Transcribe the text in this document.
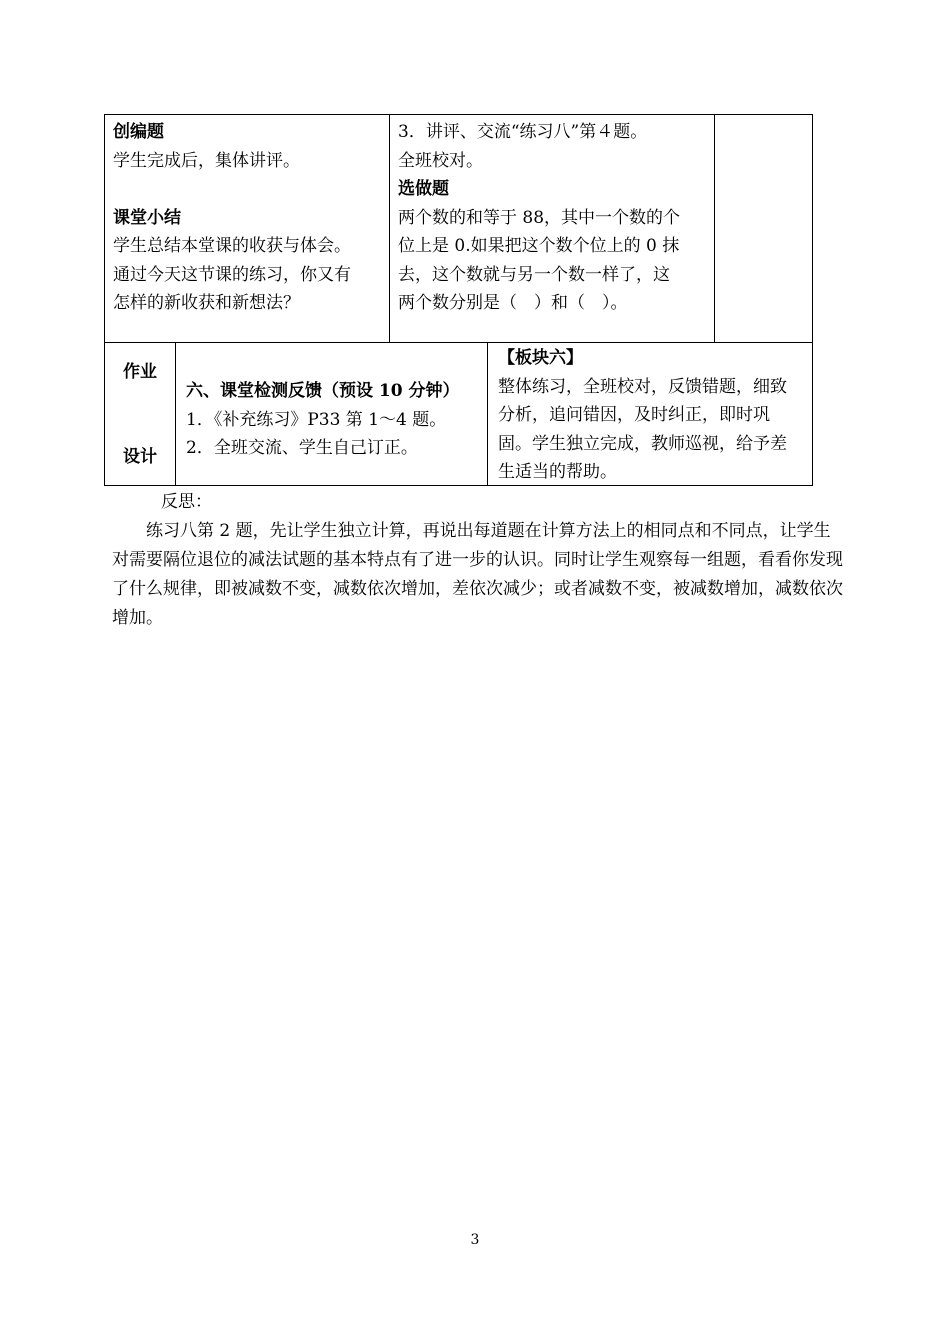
创编题
学生完成后，集体讲评。

课堂小结
学生总结本堂课的收获与体会。
通过今天这节课的练习，你又有
怎样的新收获和新想法？
3．讲评、交流“练习八”第４题。
全班校对。
选做题
两个数的和等于 88，其中一个数的个
位上是 0.如果把这个数个位上的 0 抹
去，这个数就与另一个数一样了，这
两个数分别是（　）和（　）。
作业
设计
六、课堂检测反馈（预设 10 分钟）
1．《补充练习》P33 第 1～4 题。
2．全班交流、学生自己订正。
【板块六】
整体练习，全班校对，反馈错题，细致
分析，追问错因，及时纠正，即时巩
固。学生独立完成，教师巡视，给予差
生适当的帮助。
反思：
练习八第 2 题，先让学生独立计算，再说出每道题在计算方法上的相同点和不同点，让学生对需要隔位退位的减法试题的基本特点有了进一步的认识。同时让学生观察每一组题，看看你发现了什么规律，即被减数不变，减数依次增加，差依次减少；或者减数不变，被减数增加，减数依次增加。
3
